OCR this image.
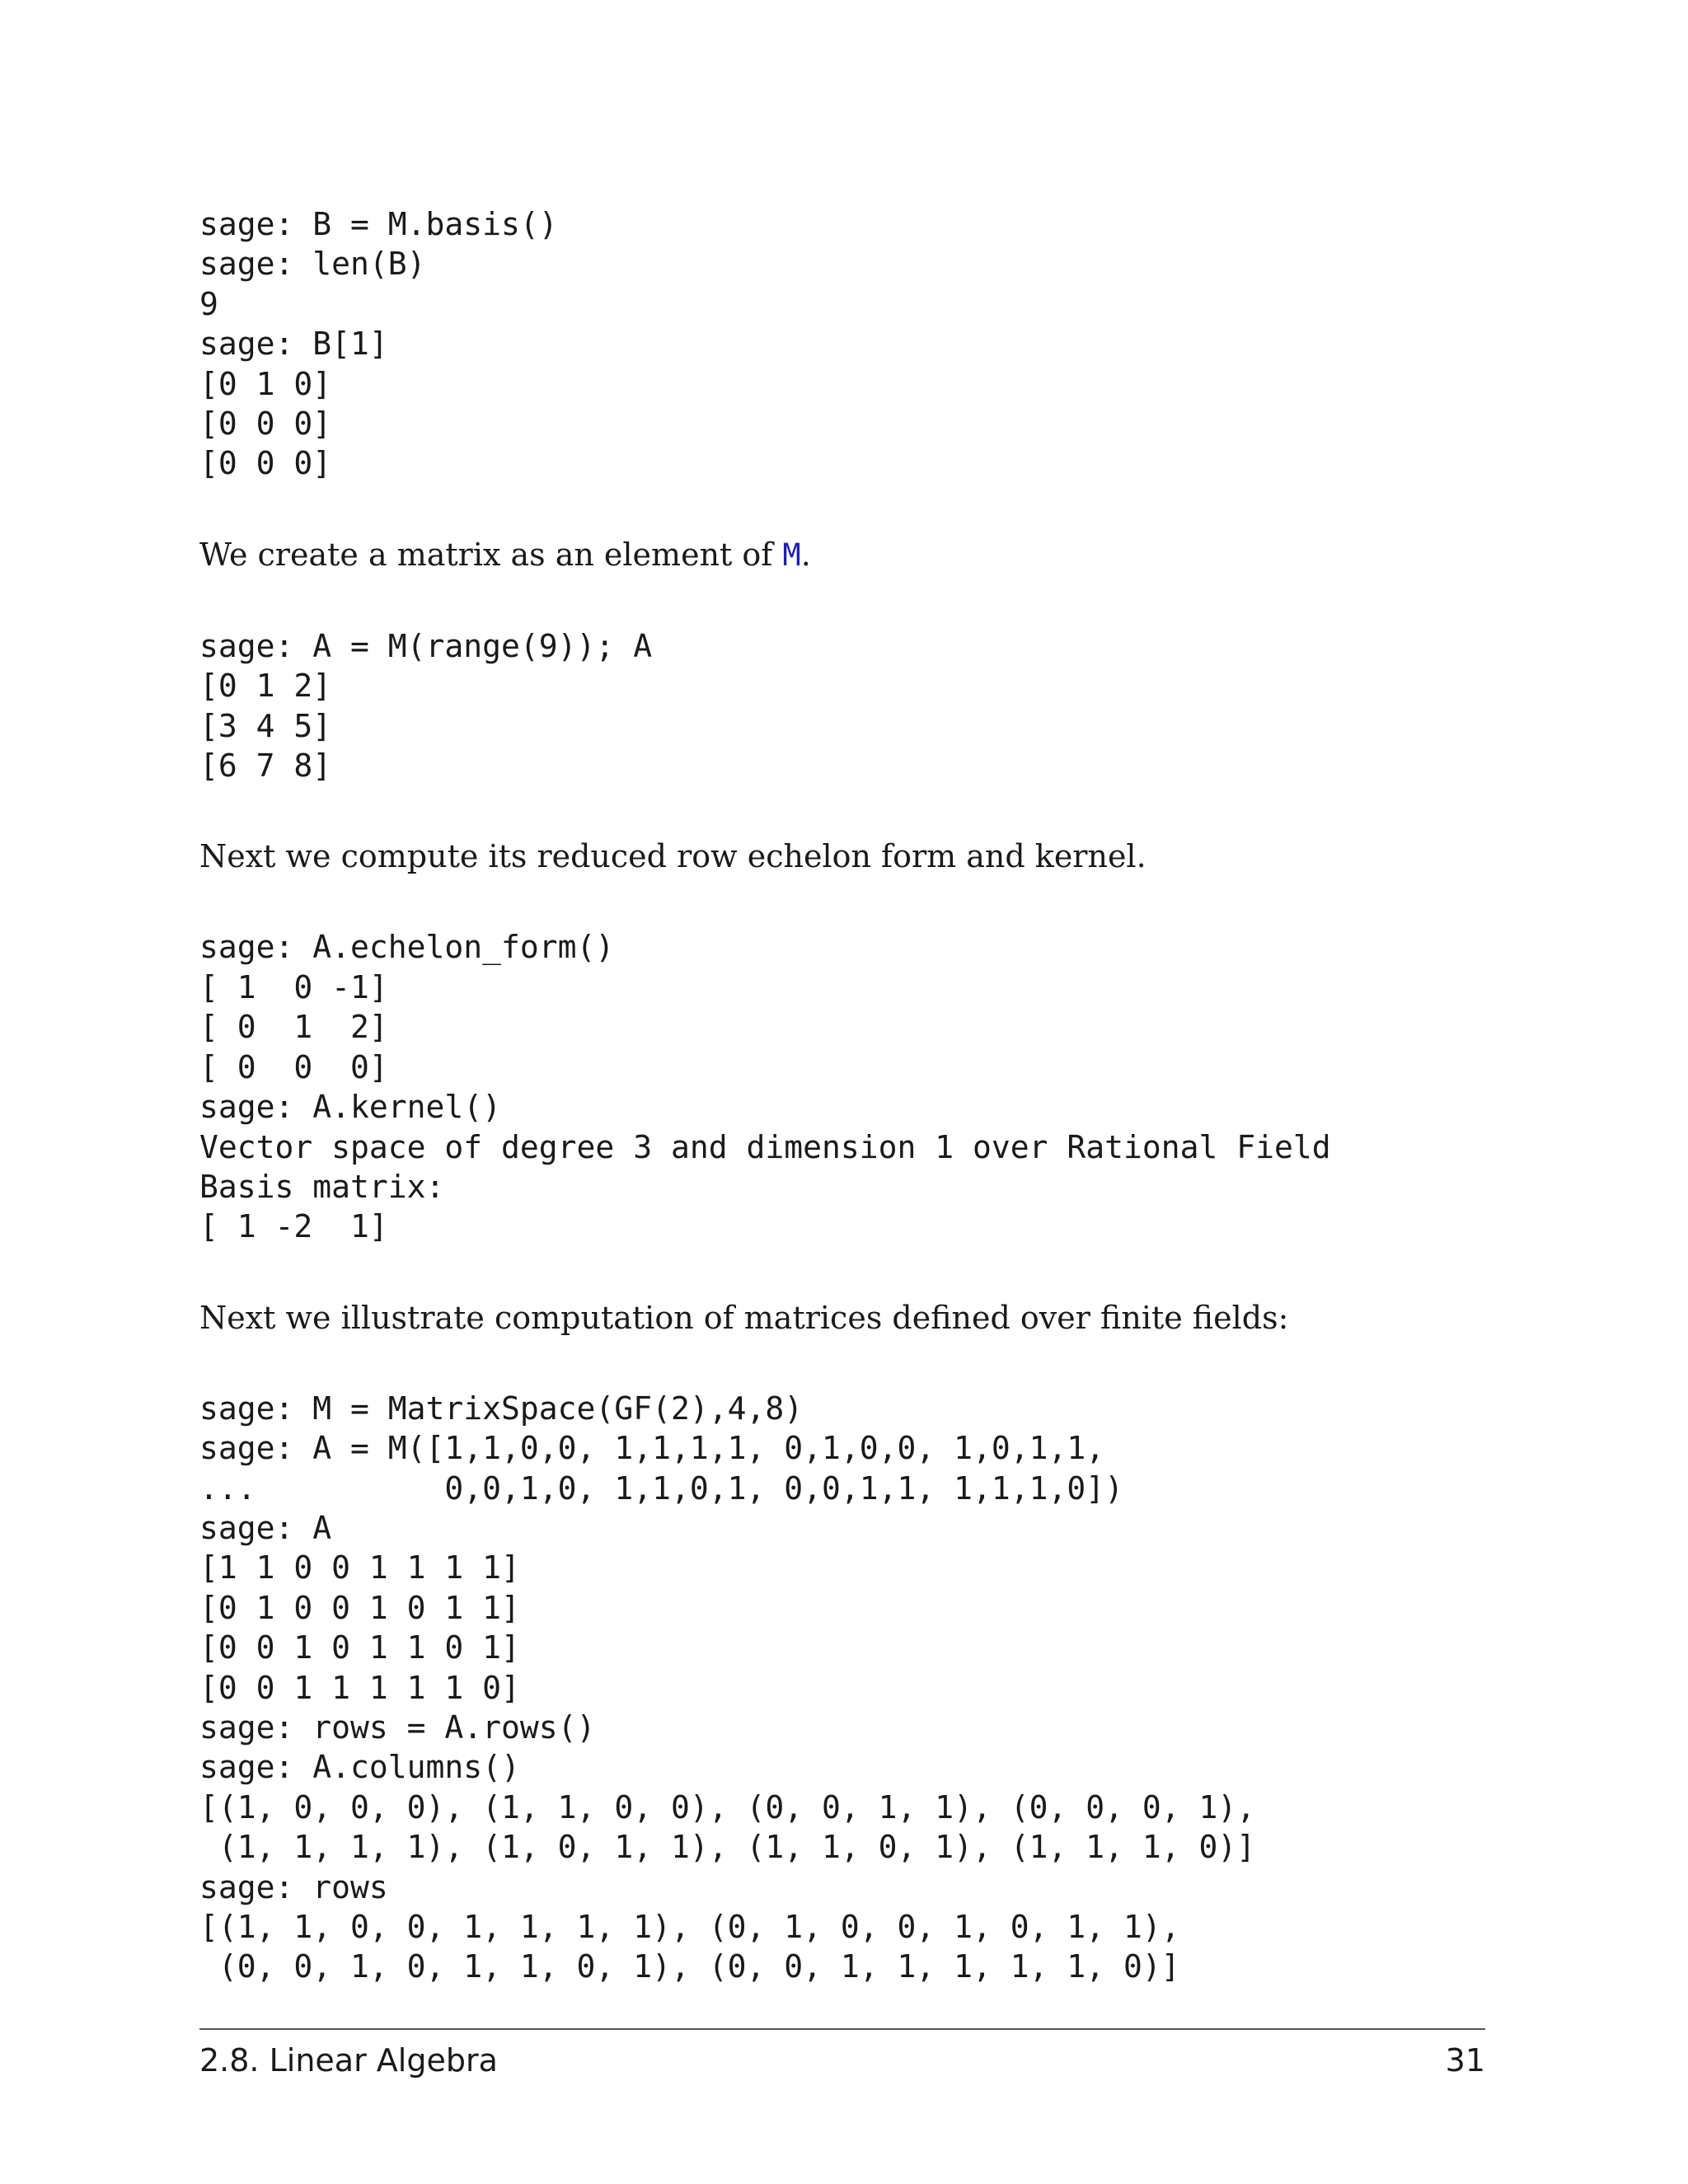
sage: B = M.basis()
sage: len(B)
9
sage: B[1]
[0 1 0]
[0 0 0]
[0 0 0]

We create a matrix as an element of M.

sage: A = M(range(9)); A
[0 1 2]
[3 4 5]
[6 7 8]

Next we compute its reduced row echelon form and kernel.

sage: A.echelon_form()
[ 1  0 -1]
[ 0  1  2]
[ 0  0  0]
sage: A.kernel()
Vector space of degree 3 and dimension 1 over Rational Field
Basis matrix:
[ 1 -2  1]

Next we illustrate computation of matrices defined over finite fields:

sage: M = MatrixSpace(GF(2),4,8)
sage: A = M([1,1,0,0, 1,1,1,1, 0,1,0,0, 1,0,1,1,
...          0,0,1,0, 1,1,0,1, 0,0,1,1, 1,1,1,0])
sage: A
[1 1 0 0 1 1 1 1]
[0 1 0 0 1 0 1 1]
[0 0 1 0 1 1 0 1]
[0 0 1 1 1 1 1 0]
sage: rows = A.rows()
sage: A.columns()
[(1, 0, 0, 0), (1, 1, 0, 0), (0, 0, 1, 1), (0, 0, 0, 1),
(1, 1, 1, 1), (1, 0, 1, 1), (1, 1, 0, 1), (1, 1, 1, 0)]
sage: rows
[(1, 1, 0, 0, 1, 1, 1, 1), (0, 1, 0, 0, 1, 0, 1, 1),
(0, 0, 1, 0, 1, 1, 0, 1), (0, 0, 1, 1, 1, 1, 1, 0)]
2.8. Linear Algebra	31
